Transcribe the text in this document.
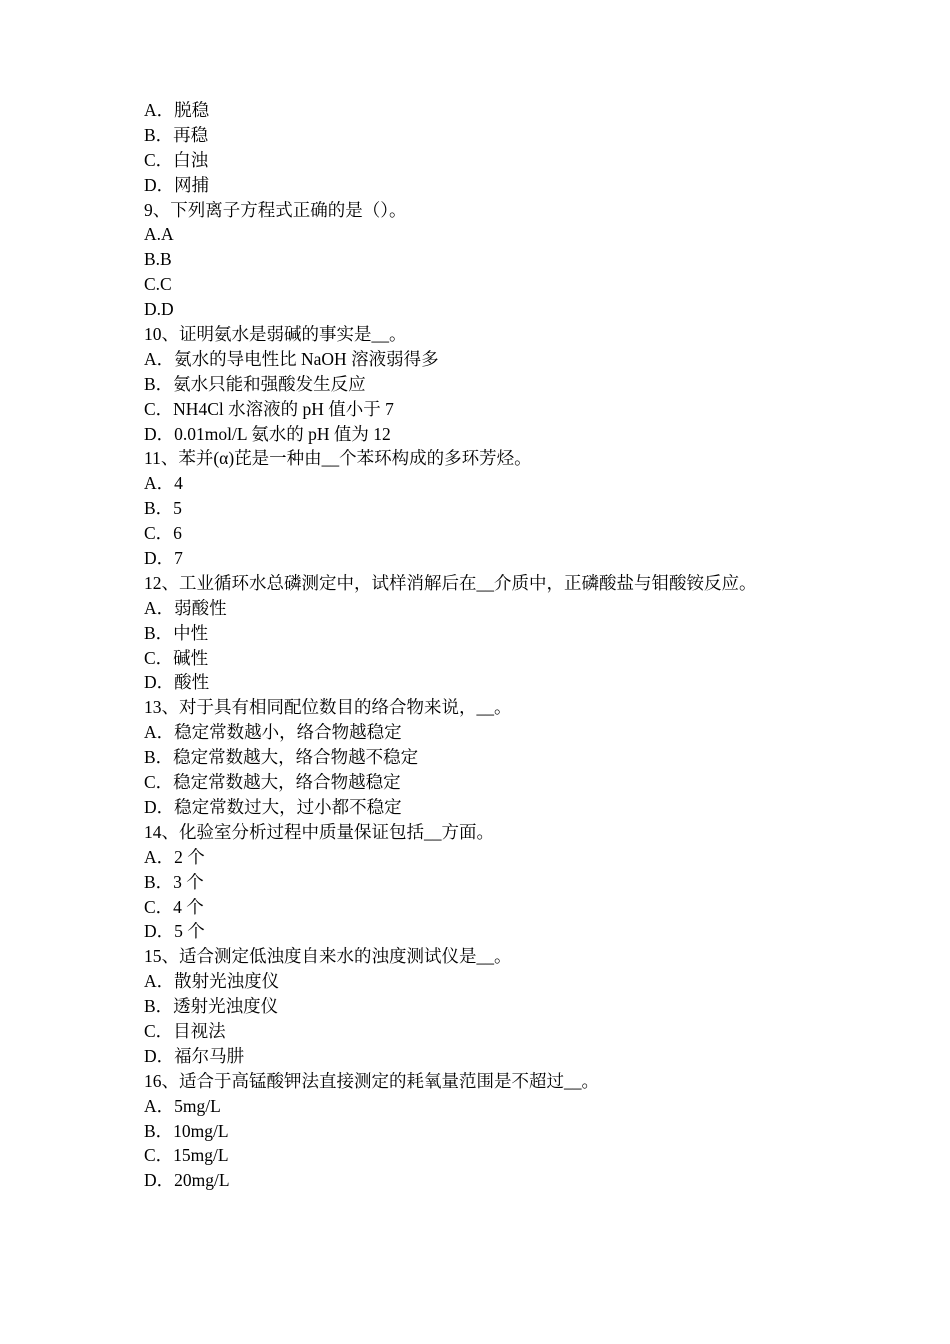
A．脱稳
B．再稳
C．白浊
D．网捕
9、下列离子方程式正确的是（）。
A.A
B.B
C.C
D.D
10、证明氨水是弱碱的事实是__。
A．氨水的导电性比 NaOH 溶液弱得多
B．氨水只能和强酸发生反应
C．NH4Cl 水溶液的 pH 值小于 7
D．0.01mol/L 氨水的 pH 值为 12
11、苯并(α)芘是一种由__个苯环构成的多环芳烃。
A．4
B．5
C．6
D．7
12、工业循环水总磷测定中，试样消解后在__介质中，正磷酸盐与钼酸铵反应。
A．弱酸性
B．中性
C．碱性
D．酸性
13、对于具有相同配位数目的络合物来说，__。
A．稳定常数越小，络合物越稳定
B．稳定常数越大，络合物越不稳定
C．稳定常数越大，络合物越稳定
D．稳定常数过大，过小都不稳定
14、化验室分析过程中质量保证包括__方面。
A．2 个
B．3 个
C．4 个
D．5 个
15、适合测定低浊度自来水的浊度测试仪是__。
A．散射光浊度仪
B．透射光浊度仪
C．目视法
D．福尔马肼
16、适合于高锰酸钾法直接测定的耗氧量范围是不超过__。
A．5mg/L
B．10mg/L
C．15mg/L
D．20mg/L
